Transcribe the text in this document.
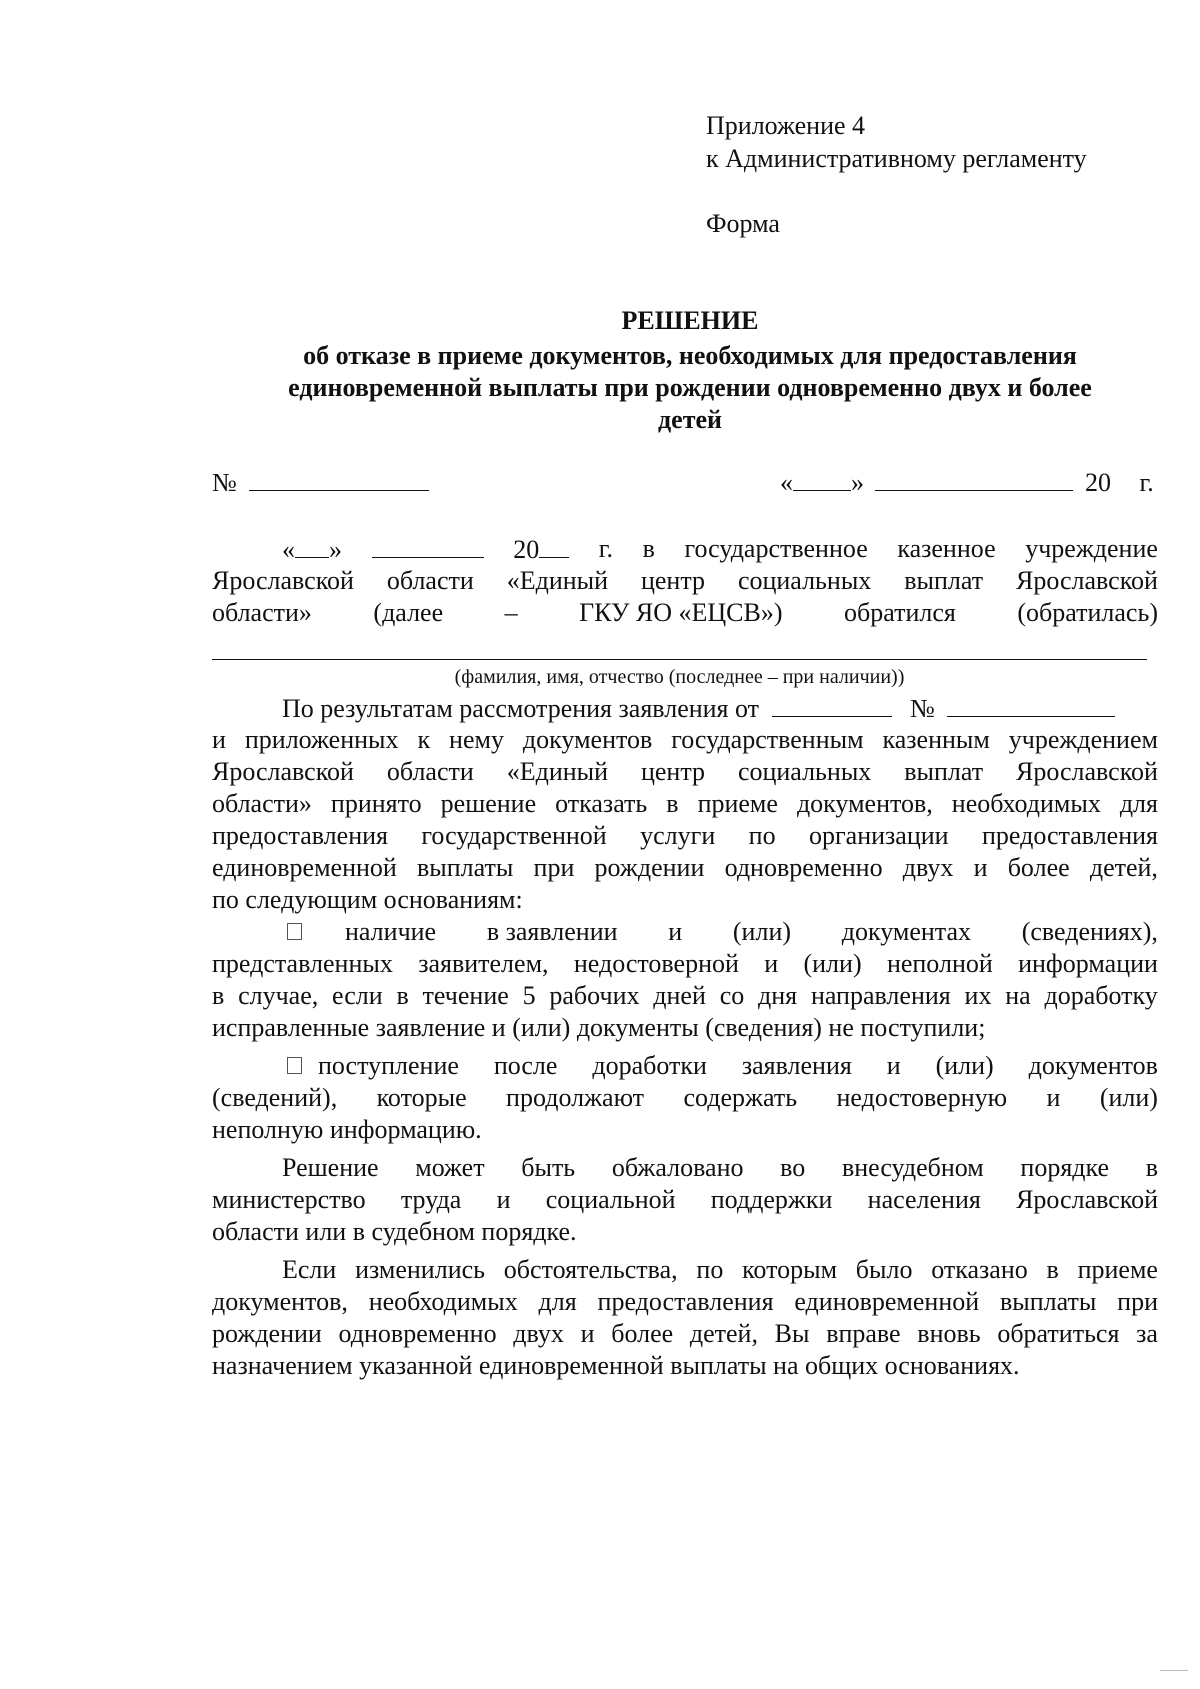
Приложение 4
к Административному регламенту
Форма
РЕШЕНИЕ
об отказе в приеме документов, необходимых для предоставления
единовременной выплаты при рождении одновременно двух и более
детей
№	« »	20 г.
« »	20	г. в государственное казенное учреждение
Ярославской области «Единый центр социальных выплат Ярославской
области» (далее – ГКУ ЯО «ЕЦСВ») обратился (обратилась)
(фамилия, имя, отчество (последнее – при наличии))
По результатам рассмотрения заявления от	№
и приложенных к нему документов государственным казенным учреждением
Ярославской области «Единый центр социальных выплат Ярославской
области» принято решение отказать в приеме документов, необходимых для
предоставления государственной услуги по организации предоставления
единовременной выплаты при рождении одновременно двух и более детей,
по следующим основаниям:
наличие в заявлении и (или) документах (сведениях),
представленных заявителем, недостоверной и (или) неполной информации
в случае, если в течение 5 рабочих дней со дня направления их на доработку
исправленные заявление и (или) документы (сведения) не поступили;
поступление после доработки заявления и (или) документов
(сведений), которые продолжают содержать недостоверную и (или)
неполную информацию.
Решение может быть обжаловано во внесудебном порядке в
министерство труда и социальной поддержки населения Ярославской
области или в судебном порядке.
Если изменились обстоятельства, по которым было отказано в приеме
документов, необходимых для предоставления единовременной выплаты при
рождении одновременно двух и более детей, Вы вправе вновь обратиться за
назначением указанной единовременной выплаты на общих основаниях.
